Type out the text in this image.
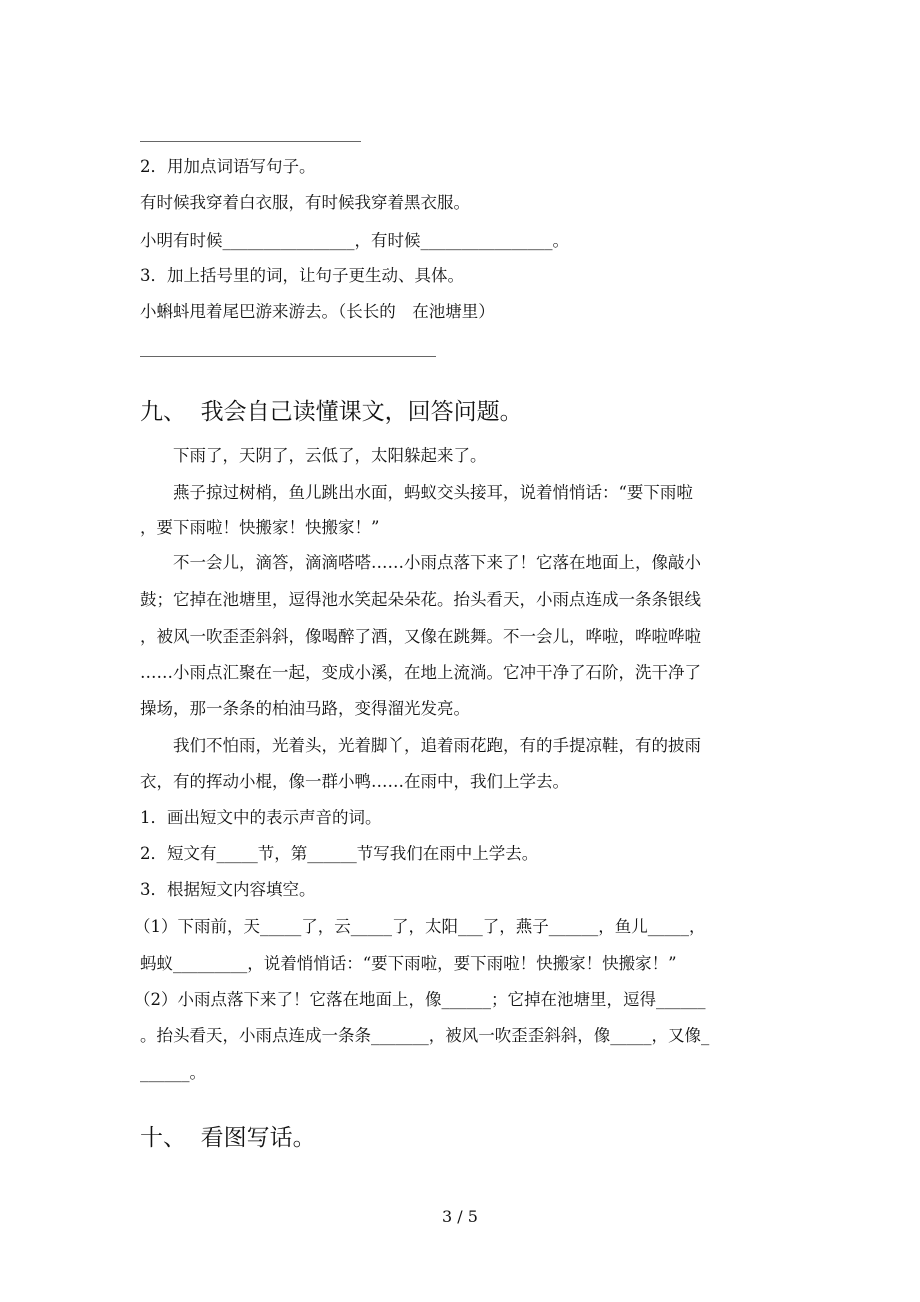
2．用加点词语写句子。
有时候我穿着白衣服，有时候我穿着黑衣服。
小明有时候________________，有时候________________。
3．加上括号里的词，让句子更生动、具体。
小蝌蚪甩着尾巴游来游去。（长长的　在池塘里）
九、  我会自己读懂课文，回答问题。
下雨了，天阴了，云低了，太阳躲起来了。
燕子掠过树梢，鱼儿跳出水面，蚂蚁交头接耳，说着悄悄话：“要下雨啦
，要下雨啦！快搬家！快搬家！”
不一会儿，滴答，滴滴嗒嗒……小雨点落下来了！它落在地面上，像敲小
鼓；它掉在池塘里，逗得池水笑起朵朵花。抬头看天，小雨点连成一条条银线
，被风一吹歪歪斜斜，像喝醉了酒，又像在跳舞。不一会儿，哗啦，哗啦哗啦
……小雨点汇聚在一起，变成小溪，在地上流淌。它冲干净了石阶，洗干净了
操场，那一条条的柏油马路，变得溜光发亮。
我们不怕雨，光着头，光着脚丫，追着雨花跑，有的手提凉鞋，有的披雨
衣，有的挥动小棍，像一群小鸭……在雨中，我们上学去。
1．画出短文中的表示声音的词。
2．短文有_____节，第______节写我们在雨中上学去。
3．根据短文内容填空。
（1）下雨前，天_____了，云_____了，太阳___了，燕子______，鱼儿_____，
蚂蚁_________，说着悄悄话：“要下雨啦，要下雨啦！快搬家！快搬家！”
（2）小雨点落下来了！它落在地面上，像______；它掉在池塘里，逗得______
。抬头看天，小雨点连成一条条_______，被风一吹歪歪斜斜，像_____，又像_
______。
十、  看图写话。
3 / 5
